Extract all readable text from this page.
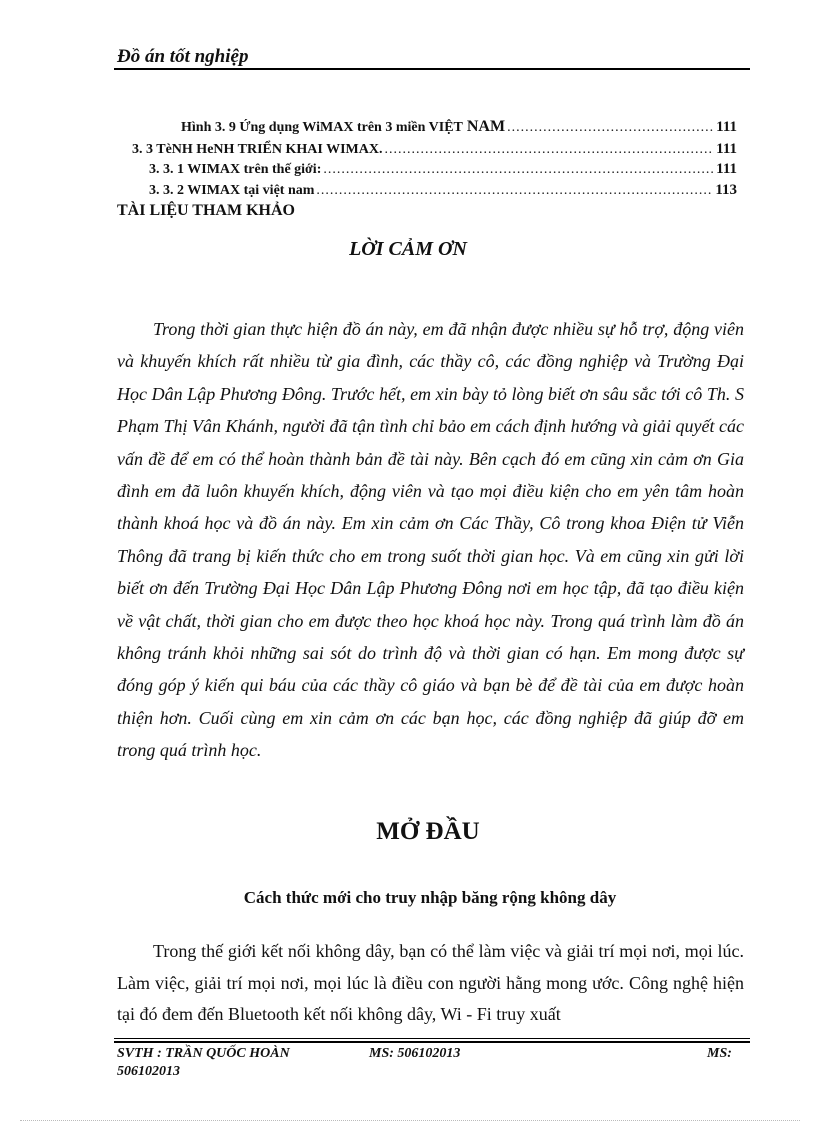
Đồ án tốt nghiệp
Hình 3. 9 Ứng dụng WiMAX trên 3 miền VIỆT NAM .....	111
3. 3 TèNH HeNH TRIỂN KHAI WIMAX. .....	111
3. 3. 1 WIMAX trên thế giới: .....	111
3. 3. 2 WIMAX tại việt nam .....	113
TÀI LIỆU THAM KHẢO
LỜI CẢM ƠN
Trong thời gian thực hiện đồ án này, em đã nhận được nhiều sự hỗ trợ, động viên và khuyến khích rất nhiều từ gia đình, các thầy cô, các đồng nghiệp và Trường Đại Học Dân Lập Phương Đông. Trước hết, em xin bày tỏ lòng biết ơn sâu sắc tới cô Th. S Phạm Thị Vân Khánh, người đã tận tình chỉ bảo em cách định hướng và giải quyết các vấn đề để em có thể hoàn thành bản đề tài này. Bên cạch đó em cũng xin cảm ơn Gia đình em đã luôn khuyến khích, động viên và tạo mọi điều kiện cho em yên tâm hoàn thành khoá học và đồ án này. Em xin cảm ơn Các Thầy, Cô trong khoa Điện tử Viễn Thông đã trang bị kiến thức cho em trong suốt thời gian học. Và em cũng xin gửi lời biết ơn đến Trường Đại Học Dân Lập Phương Đông nơi em học tập, đã tạo điều kiện về vật chất, thời gian cho em được theo học khoá học này. Trong quá trình làm đồ án không tránh khỏi những sai sót do trình độ và thời gian có hạn. Em mong được sự đóng góp ý kiến qui báu của các thầy cô giáo và bạn bè để đề tài của em được hoàn thiện hơn. Cuối cùng em xin cảm ơn các bạn học, các đồng nghiệp đã giúp đỡ em trong quá trình học.
MỞ ĐẦU
Cách thức mới cho truy nhập băng rộng không dây
Trong thế giới kết nối không dây, bạn có thể làm việc và giải trí mọi nơi, mọi lúc. Làm việc, giải trí mọi nơi, mọi lúc là điều con người hằng mong ước. Công nghệ hiện tại đó đem đến Bluetooth kết nối không dây, Wi - Fi truy xuất
SVTH : TRẦN QUỐC HOÀN	MS: 506102013	MS:
506102013
